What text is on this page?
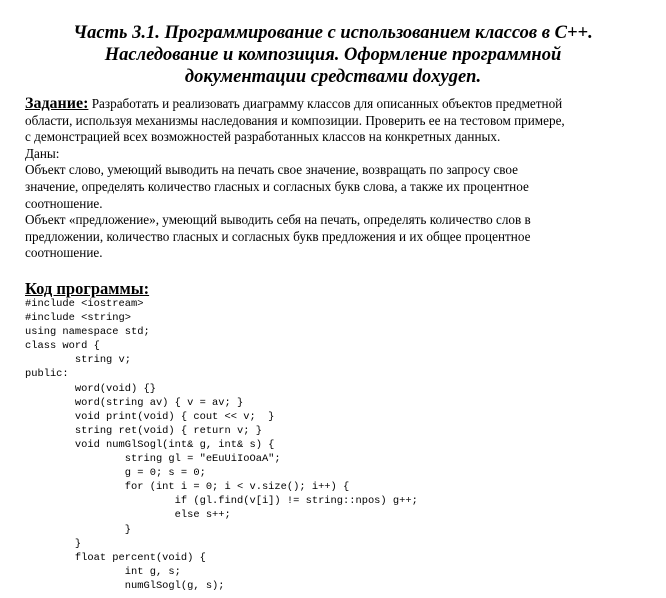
Часть 3.1. Программирование с использованием классов в C++.
Наследование и композиция. Оформление программной
документации средствами doxygen.

Задание: Разработать и реализовать диаграмму классов для описанных объектов предметной

области, используя механизмы наследования и композиции. Проверить ее на тестовом примере,

с демонстрацией всех возможностей разработанных классов на конкретных данных.

Даны:

Объект слово, умеющий выводить на печать свое значение, возвращать по запросу свое

значение, определять количество гласных и согласных букв слова, а также их процентное

соотношение.

Объект «предложение», умеющий выводить себя на печать, определять количество слов в

предложении, количество гласных и согласных букв предложения и их общее процентное

соотношение.

Код программы:
#include <iostream>
#include <string>
using namespace std;
class word {
string v;
public:
word(void) {}
word(string av) { v = av; }
void print(void) { cout << v;  }
string ret(void) { return v; }
void numGlSogl(int& g, int& s) {
string gl = "eEuUiIoOaA";
g = 0; s = 0;
for (int i = 0; i < v.size(); i++) {
if (gl.find(v[i]) != string::npos) g++;
else s++;
}
}
float percent(void) {
int g, s;
numGlSogl(g, s);
